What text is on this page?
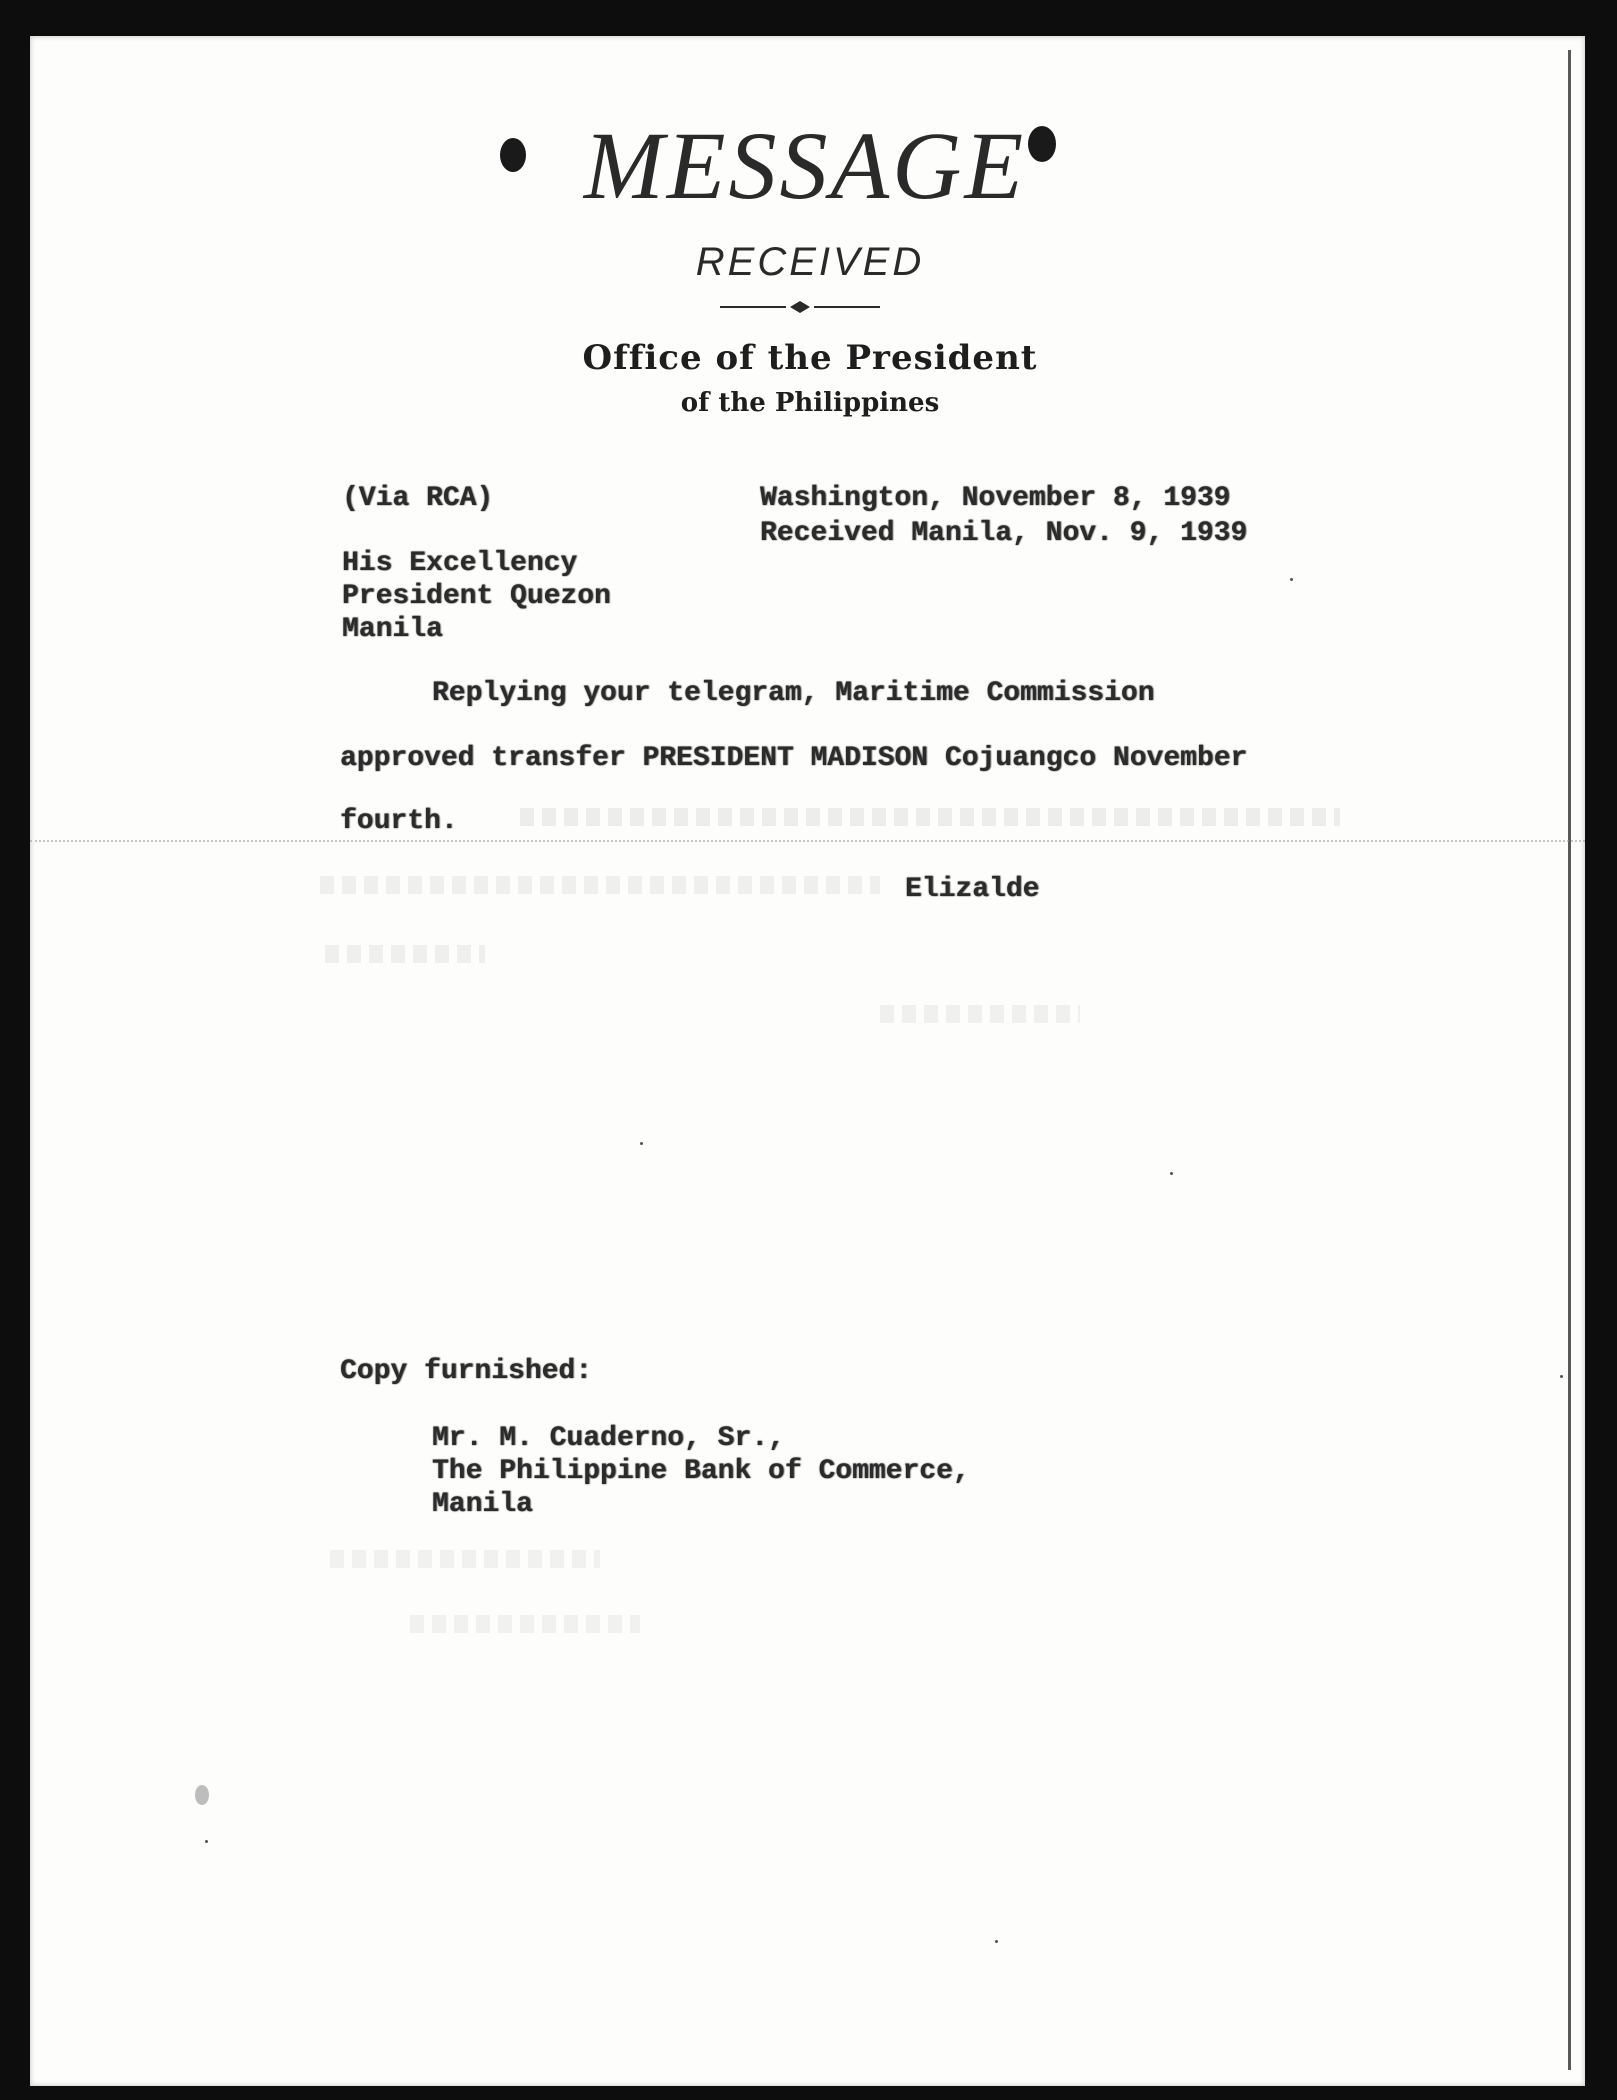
MESSAGE
RECEIVED
Office of the President
of the Philippines
(Via RCA)	Washington, November 8, 1939
Received Manila, Nov. 9, 1939
His Excellency
President Quezon
Manila
Replying your telegram, Maritime Commission
approved transfer PRESIDENT MADISON Cojuangco November
fourth.
Elizalde
Copy furnished:
Mr. M. Cuaderno, Sr.,
The Philippine Bank of Commerce,
Manila
